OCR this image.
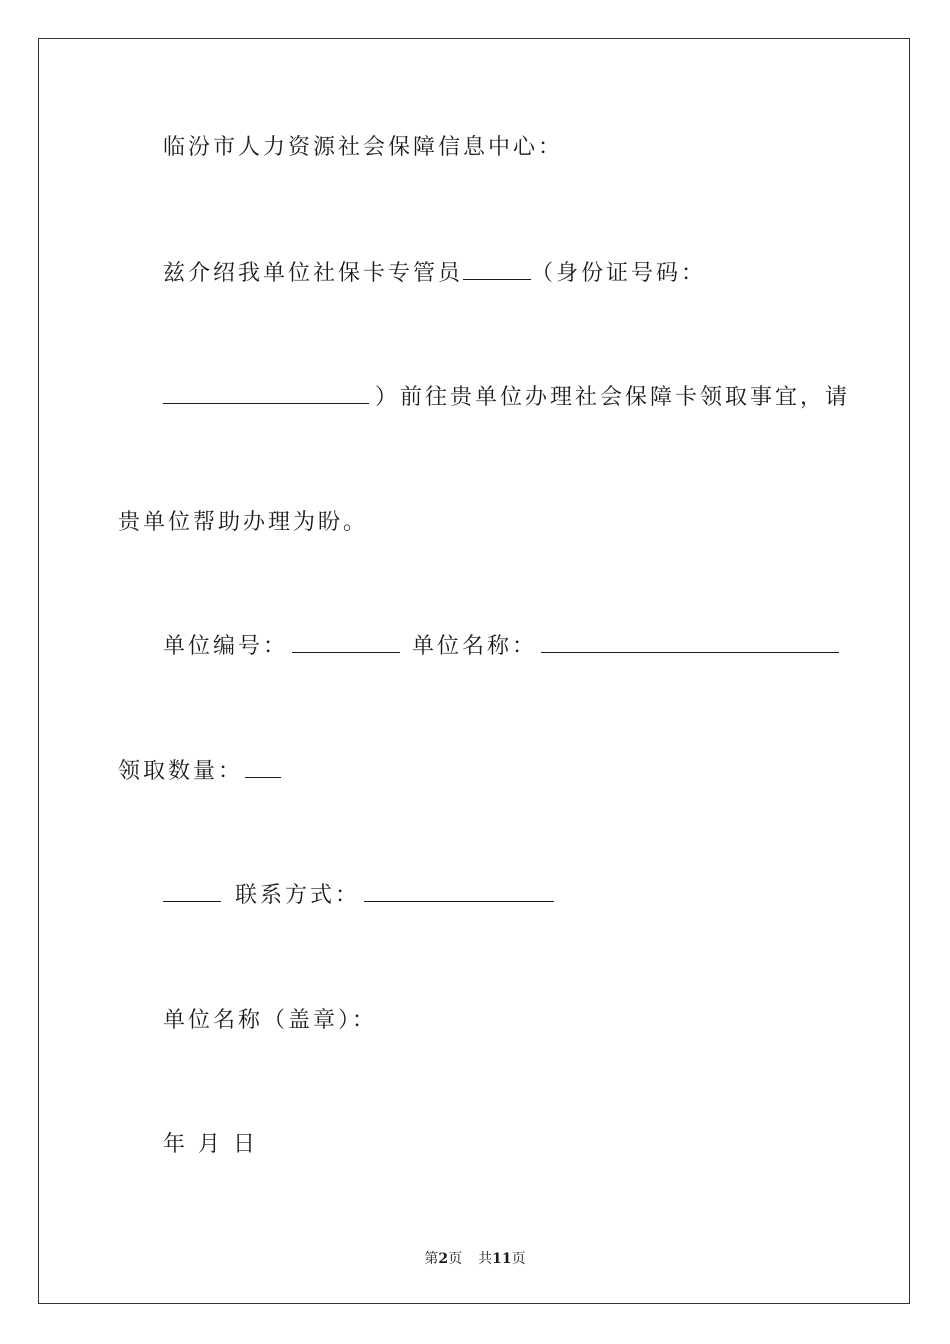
临汾市人力资源社会保障信息中心：
兹介绍我单位社保卡专管员	（身份证号码：
）前往贵单位办理社会保障卡领取事宜，请
贵单位帮助办理为盼。
单位编号：	单位名称：
领取数量：
联系方式：
单位名称（盖章）：
年 月 日
第2页 共11页
